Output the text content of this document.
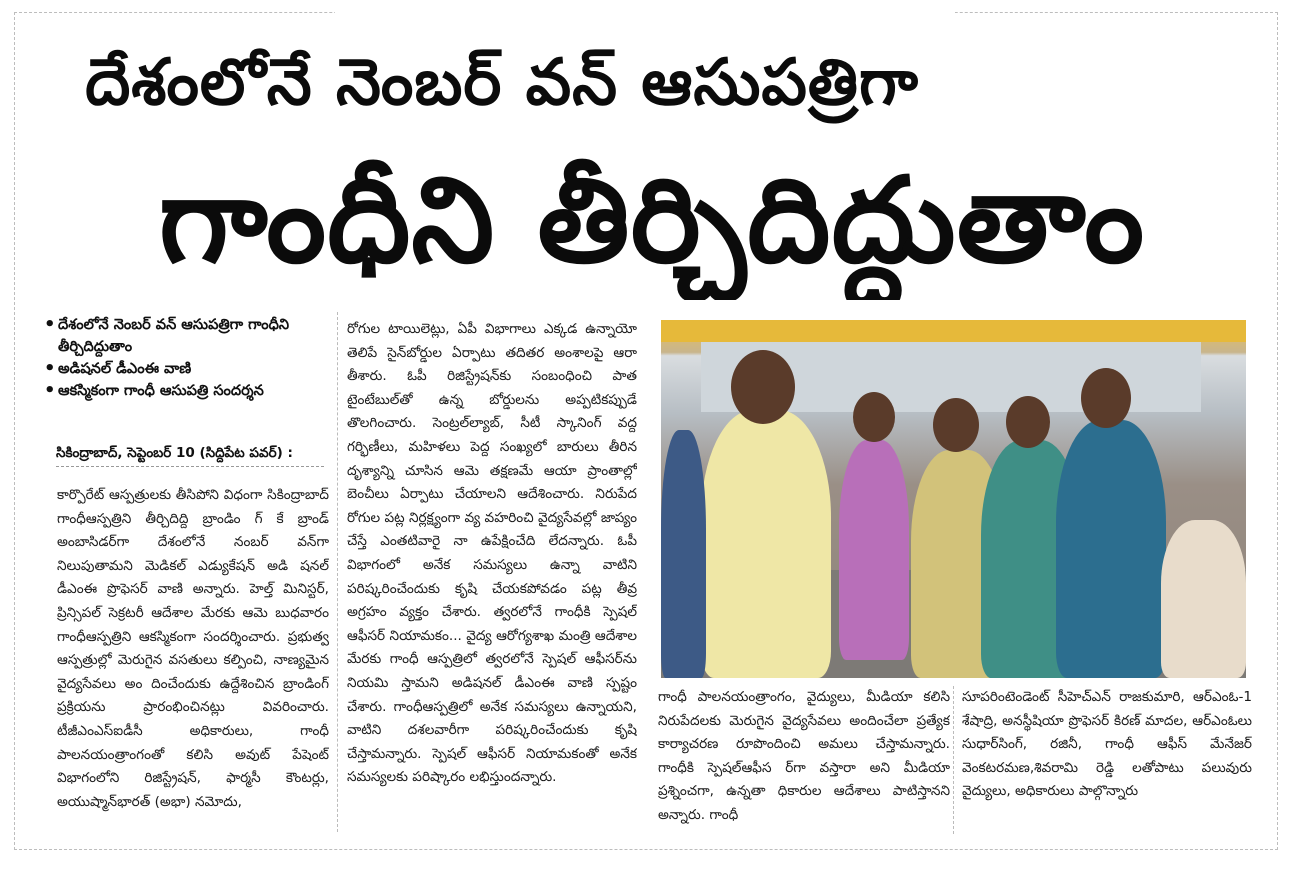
దేశంలోనే నెంబర్ వన్ ఆసుపత్రిగా
గాంధీని తీర్చిదిద్దుతాం
• దేశంలోనే నెంబర్ వన్ ఆసుపత్రిగా గాంధీని తీర్చిదిద్దుతాం
• అడిషనల్ డీఎంఈ వాణి
• ఆకస్మికంగా గాంధీ ఆసుపత్రి సందర్శన
సికింద్రాబాద్, సెప్టెంబర్ 10 (సిద్దిపేట పవర్) :
కార్పొరేట్ ఆస్పత్రులకు తీసిపోని విధంగా సికింద్రాబాద్ గాంధీఆస్పత్రిని తీర్చిదిద్ది బ్రాండిం గ్ కే బ్రాండ్ అంబాసిడర్‌గా దేశంలోనే నంబర్ వన్‌గా నిలుపుతామని మెడికల్ ఎడ్యుకేషన్ అడి షనల్ డీఎంఈ ప్రొఫెసర్ వాణి అన్నారు. హెల్త్ మినిస్టర్, ప్రిన్సిపల్ సెక్రటరీ ఆదేశాల మేరకు ఆమె బుధవారం గాంధీఆస్పత్రిని ఆకస్మికంగా సందర్శించారు. ప్రభుత్వ ఆస్పత్రుల్లో మెరుగైన వసతులు కల్పించి, నాణ్యమైన వైద్యసేవలు అం దించేందుకు ఉద్దేశించిన బ్రాండింగ్ ప్రక్రియను ప్రారంభించినట్లు వివరించారు. టీజీఎంఎస్ఐడీసీ అధికారులు, గాంధీ పాలనయంత్రాంగంతో కలిసి అవుట్ పేషెంట్ విభాగంలోని రిజిస్ట్రేషన్, ఫార్మసీ కౌంటర్లు, అయుష్మాన్‌భారత్ (అభా) నమోదు,
రోగుల టాయిలెట్లు, ఏపీ విభాగాలు ఎక్కడ ఉన్నాయో తెలిపే సైన్‌బోర్డుల ఏర్పాటు తదితర అంశాలపై ఆరా తీశారు. ఓపీ రిజిస్ట్రేషన్‌కు సంబంధించి పాత టైంటేబుల్‌తో ఉన్న బోర్డులను అప్పటికప్పుడే తొలగించారు. సెంట్రల్‌ల్యాబ్, సీటీ స్కానింగ్ వద్ద గర్భిణీలు, మహిళలు పెద్ద సంఖ్యలో బారులు తీరిన దృశ్యాన్ని చూసిన ఆమె తక్షణమే ఆయా ప్రాంతాల్లో బెంచీలు ఏర్పాటు చేయాలని ఆదేశించారు. నిరుపేద రోగుల పట్ల నిర్లక్ష్యంగా వ్య వహరించి వైద్యసేవల్లో జాప్యం చేస్తే ఎంతటివారై నా ఉపేక్షించేది లేదన్నారు. ఓపీ విభాగంలో అనేక సమస్యలు ఉన్నా వాటిని పరిష్కరించేందుకు కృషి చేయకపోవడం పట్ల తీవ్ర అగ్రహం వ్యక్తం చేశారు. త్వరలోనే గాంధీకి స్పెషల్ ఆఫీసర్ నియామకం... వైద్య ఆరోగ్యశాఖ మంత్రి ఆదేశాల మేరకు గాంధీ ఆస్పత్రిలో త్వరలోనే స్పెషల్ ఆఫీసర్‌ను నియమి స్తామని అడిషనల్ డీఎంఈ వాణి స్పష్టం చేశారు. గాంధీఆస్పత్రిలో అనేక సమస్యలు ఉన్నాయని, వాటిని దశలవారీగా పరిష్కరించేందుకు కృషి చేస్తామన్నారు. స్పెషల్ ఆఫీసర్ నియామకంతో అనేక సమస్యలకు పరిష్కారం లభిస్తుందన్నారు.
గాంధీ పాలనయంత్రాంగం, వైద్యులు, మీడియా కలిసి నిరుపేదలకు మెరుగైన వైద్యసేవలు అందించేలా ప్రత్యేక కార్యాచరణ రూపొందించి అమలు చేస్తామన్నారు. గాంధీకి స్పెషల్ఆఫీస ర్‌గా వస్తారా అని మీడియా ప్రశ్నించగా, ఉన్నతా ధికారుల ఆదేశాలు పాటిస్తానని అన్నారు. గాంధీ
సూపరింటెండెంట్ సీహెచ్ఎన్ రాజకుమారి, ఆర్ఎంఓ-1 శేషాద్రి, అనస్థీషియా ప్రొఫెసర్ కిరణ్ మాదల, ఆర్ఎంఓలు సుధార్‌సింగ్, రజినీ, గాంధీ ఆఫీస్ మేనేజర్ వెంకటరమణ,శివరామి రెడ్డి లతోపాటు పలువురు వైద్యులు, అధికారులు పాల్గొన్నారు
